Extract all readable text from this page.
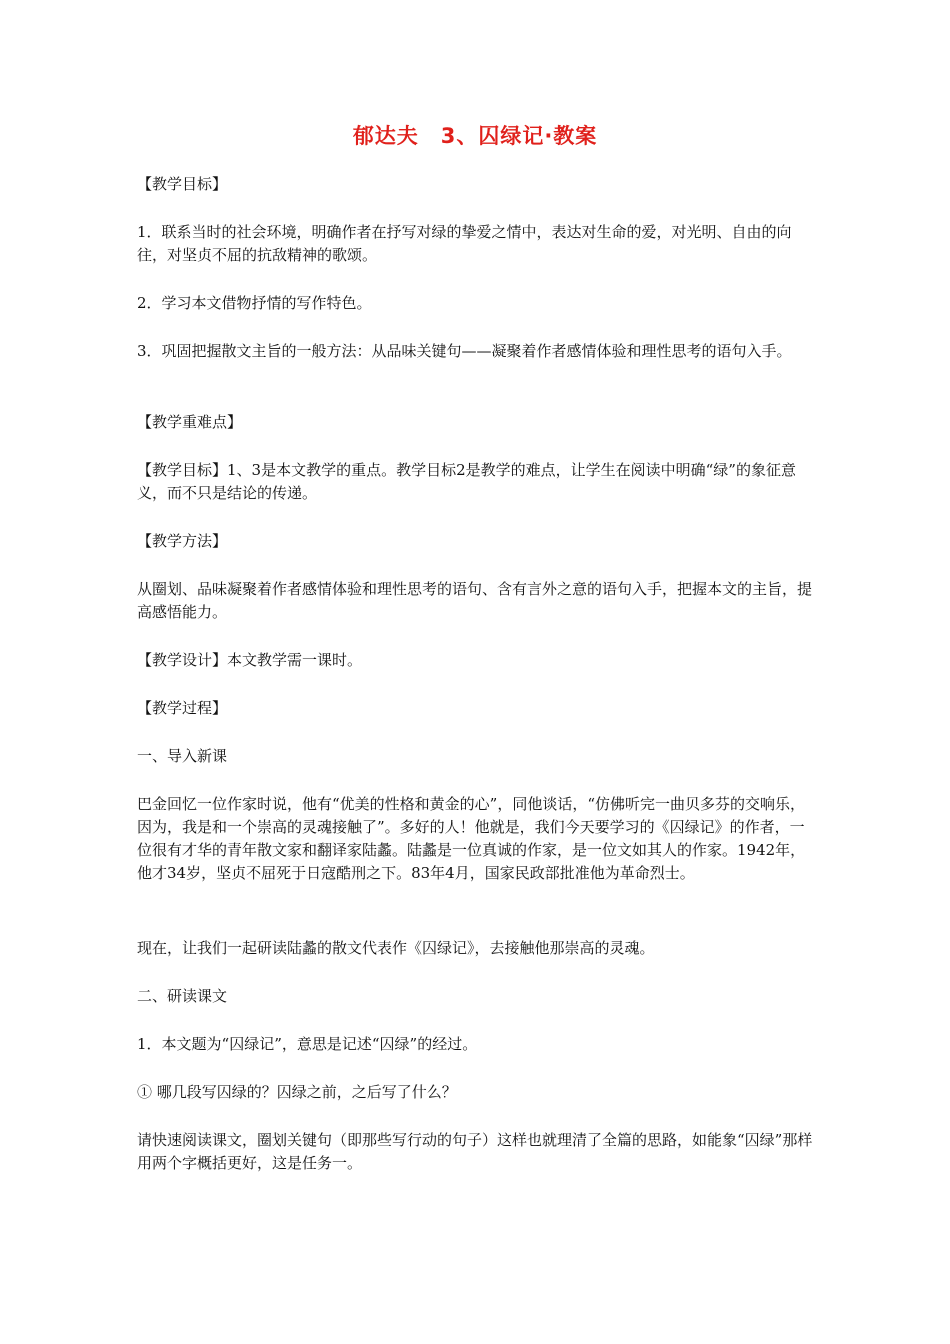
郁达夫　3、囚绿记·教案

【教学目标】

1．联系当时的社会环境，明确作者在抒写对绿的挚爱之情中，表达对生命的爱，对光明、自由的向往，对坚贞不屈的抗敌精神的歌颂。

2．学习本文借物抒情的写作特色。

3．巩固把握散文主旨的一般方法：从品味关键句——凝聚着作者感情体验和理性思考的语句入手。

【教学重难点】

【教学目标】1、3是本文教学的重点。教学目标2是教学的难点，让学生在阅读中明确“绿”的象征意义，而不只是结论的传递。

【教学方法】

从圈划、品味凝聚着作者感情体验和理性思考的语句、含有言外之意的语句入手，把握本文的主旨，提高感悟能力。

【教学设计】本文教学需一课时。

【教学过程】

一、导入新课

巴金回忆一位作家时说，他有“优美的性格和黄金的心”，同他谈话，“仿佛听完一曲贝多芬的交响乐，因为，我是和一个崇高的灵魂接触了”。多好的人！他就是，我们今天要学习的《囚绿记》的作者，一位很有才华的青年散文家和翻译家陆蠡。陆蠡是一位真诚的作家，是一位文如其人的作家。1942年，他才34岁，坚贞不屈死于日寇酷刑之下。83年4月，国家民政部批准他为革命烈士。

现在，让我们一起研读陆蠡的散文代表作《囚绿记》，去接触他那崇高的灵魂。

二、研读课文

1．本文题为“囚绿记”，意思是记述“囚绿”的经过。

① 哪几段写囚绿的？囚绿之前，之后写了什么？

请快速阅读课文，圈划关键句（即那些写行动的句子）这样也就理清了全篇的思路，如能象“囚绿”那样用两个字概括更好，这是任务一。
